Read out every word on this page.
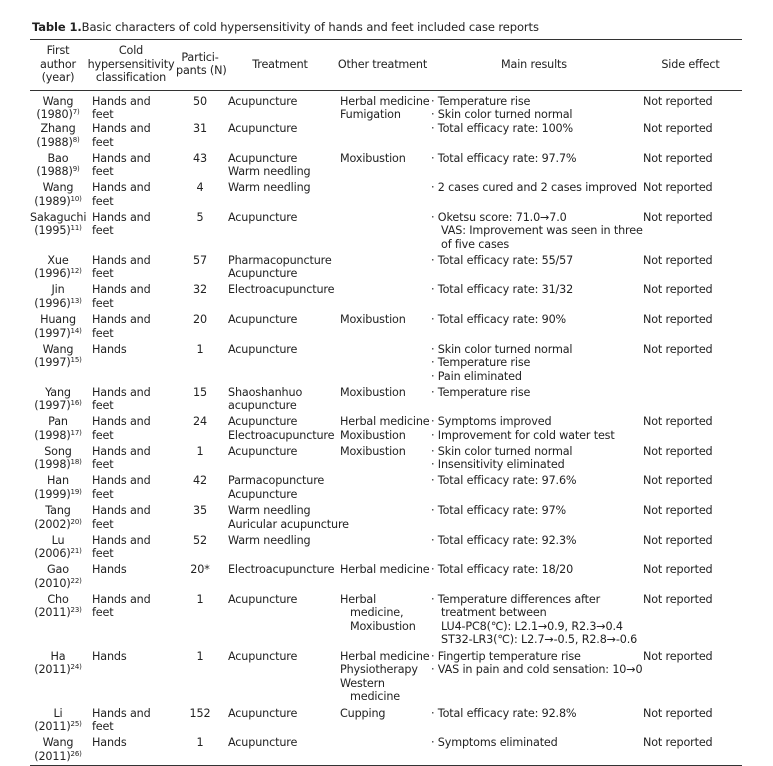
Table 1.Basic characters of cold hypersensitivity of hands and feet included case reports
First
author
(year)	Cold
hypersensitivity
classification	Partici-
pants (N)	Treatment	Other treatment	Main results	Side effect

Wang
$(1980)^{7)}$	Hands and
feet	50	Acupuncture	Herbal medicine
Fumigation	· Temperature rise
· Skin color turned normal	Not reported

Zhang
$(1988)^{8)}$	Hands and
feet	31	Acupuncture		· Total efficacy rate: 100%	Not reported

Bao
$(1988)^{9)}$	Hands and
feet	43	Acupuncture
Warm needling	Moxibustion	· Total efficacy rate: 97.7%	Not reported

Wang
$(1989)^{10)}$	Hands and
feet	4	Warm needling		· 2 cases cured and 2 cases improved	Not reported

Sakaguchi
$(1995)^{11)}$	Hands and
feet	5	Acupuncture		· Oketsu score: 71.0→7.0
VAS: Improvement was seen in three
of five cases	Not reported

Xue
$(1996)^{12)}$	Hands and
feet	57	Pharmacopuncture
Acupuncture		· Total efficacy rate: 55/57	Not reported

Jin
$(1996)^{13)}$	Hands and
feet	32	Electroacupuncture		· Total efficacy rate: 31/32	Not reported

Huang
$(1997)^{14)}$	Hands and
feet	20	Acupuncture	Moxibustion	· Total efficacy rate: 90%	Not reported

Wang
$(1997)^{15)}$	Hands	1	Acupuncture		· Skin color turned normal
· Temperature rise
· Pain eliminated	Not reported

Yang
$(1997)^{16)}$	Hands and
feet	15	Shaoshanhuo
acupuncture	Moxibustion	· Temperature rise	

Pan
$(1998)^{17)}$	Hands and
feet	24	Acupuncture
Electroacupuncture	Herbal medicine
Moxibustion	· Symptoms improved
· Improvement for cold water test	Not reported

Song
$(1998)^{18)}$	Hands and
feet	1	Acupuncture	Moxibustion	· Skin color turned normal
· Insensitivity eliminated	Not reported

Han
$(1999)^{19)}$	Hands and
feet	42	Parmacopuncture
Acupuncture		· Total efficacy rate: 97.6%	Not reported

Tang
$(2002)^{20)}$	Hands and
feet	35	Warm needling
Auricular acupuncture		· Total efficacy rate: 97%	Not reported

Lu
$(2006)^{21)}$	Hands and
feet	52	Warm needling		· Total efficacy rate: 92.3%	Not reported

Gao
$(2010)^{22)}$	Hands	20*	Electroacupuncture	Herbal medicine	· Total efficacy rate: 18/20	Not reported

Cho
$(2011)^{23)}$	Hands and
feet	1	Acupuncture	Herbal
medicine,
Moxibustion	· Temperature differences after
treatment between
LU4-PC8(℃): L2.1→0.9, R2.3→0.4
ST32-LR3(℃): L2.7→-0.5, R2.8→-0.6	Not reported

Ha
$(2011)^{24)}$	Hands	1	Acupuncture	Herbal medicine
Physiotherapy
Western
medicine	· Fingertip temperature rise
· VAS in pain and cold sensation: 10→0	Not reported

Li
$(2011)^{25)}$	Hands and
feet	152	Acupuncture	Cupping	· Total efficacy rate: 92.8%	Not reported

Wang
$(2011)^{26)}$	Hands	1	Acupuncture		· Symptoms eliminated	Not reported
